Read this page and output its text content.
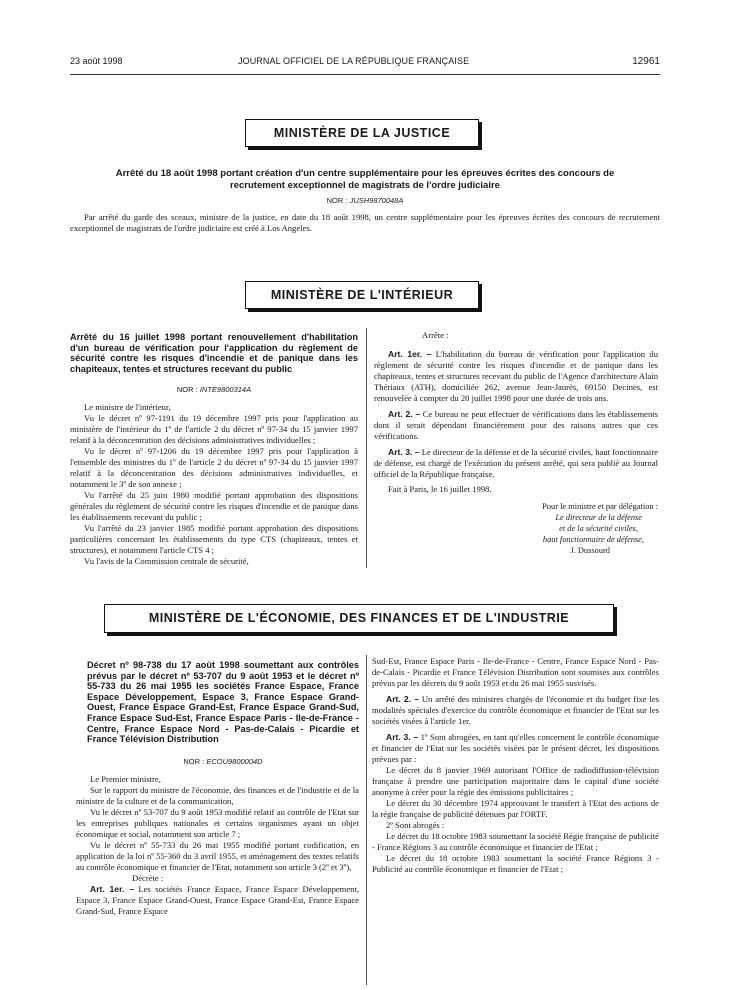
23 août 1998	JOURNAL OFFICIEL DE LA RÉPUBLIQUE FRANÇAISE	12961
MINISTÈRE DE LA JUSTICE
Arrêté du 18 août 1998 portant création d'un centre supplémentaire pour les épreuves écrites des concours de recrutement exceptionnel de magistrats de l'ordre judiciaire
NOR : JUSH9870048A

Par arrêté du garde des sceaux, ministre de la justice, en date du 18 août 1998, un centre supplémentaire pour les épreuves écrites des concours de recrutement exceptionnel de magistrats de l'ordre judiciaire est créé à Los Angeles.

MINISTÈRE DE L'INTÉRIEUR
Arrêté du 16 juillet 1998 portant renouvellement d'habilitation d'un bureau de vérification pour l'application du règlement de sécurité contre les risques d'incendie et de panique dans les chapiteaux, tentes et structures recevant du public
NOR : INTE9800314A

Le ministre de l'intérieur,

Vu le décret nº 97-1191 du 19 décembre 1997 pris pour l'application au ministère de l'intérieur du 1º de l'article 2 du décret nº 97-34 du 15 janvier 1997 relatif à la déconcentration des décisions administratives individuelles ;

Vu le décret nº 97-1206 du 19 décembre 1997 pris pour l'application à l'ensemble des ministres du 1º de l'article 2 du décret nº 97-34 du 15 janvier 1997 relatif à la déconcentration des décisions administratives individuelles, et notamment le 3º de son annexe ;

Vu l'arrêté du 25 juin 1980 modifié portant approbation des dispositions générales du règlement de sécurité contre les risques d'incendie et de panique dans les établissements recevant du public ;

Vu l'arrêté du 23 janvier 1985 modifié portant approbation des dispositions particulières concernant les établissements du type CTS (chapiteaux, tentes et structures), et notamment l'article CTS 4 ;

Vu l'avis de la Commission centrale de sécurité,

Arrête :

Art. 1er. – L'habilitation du bureau de vérification pour l'application du règlement de sécurité contre les risques d'incendie et de panique dans les chapiteaux, tentes et structures recevant du public de l'Agence d'architecture Alain Thériaux (ATH), domiciliée 262, avenue Jean-Jaurès, 69150 Decines, est renouvelée à compter du 20 juillet 1998 pour une durée de trois ans.

Art. 2. – Ce bureau ne peut effectuer de vérifications dans les établissements dont il serait dépendant financièrement pour des raisons autres que ces vérifications.

Art. 3. – Le directeur de la défense et de la sécurité civiles, haut fonctionnaire de défense, est chargé de l'exécution du présent arrêté, qui sera publié au Journal officiel de la République française.

Fait à Paris, le 16 juillet 1998.

Pour le ministre et par délégation :
Le directeur de la défense
et de la sécurité civiles,
haut fonctionnaire de défense,
J. Dussourd
MINISTÈRE DE L'ÉCONOMIE, DES FINANCES ET DE L'INDUSTRIE
Décret nº 98-738 du 17 août 1998 soumettant aux contrôles prévus par le décret nº 53-707 du 9 août 1953 et le décret nº 55-733 du 26 mai 1955 les sociétés France Espace, France Espace Développement, Espace 3, France Espace Grand-Ouest, France Espace Grand-Est, France Espace Grand-Sud, France Espace Sud-Est, France Espace Paris - Ile-de-France - Centre, France Espace Nord - Pas-de-Calais - Picardie et France Télévision Distribution
NOR : ECOU9800004D

Le Premier ministre,

Sur le rapport du ministre de l'économie, des finances et de l'industrie et de la ministre de la culture et de la communication,

Vu le décret nº 53-707 du 9 août 1953 modifié relatif au contrôle de l'Etat sur les entreprises publiques nationales et certains organismes ayant un objet économique et social, notamment son article 7 ;

Vu le décret nº 55-733 du 26 mai 1955 modifié portant codification, en application de la loi nº 55-360 du 3 avril 1955, et aménagement des textes relatifs au contrôle économique et financier de l'Etat, notamment son article 3 (2º et 3º),

Décrète :

Art. 1er. – Les sociétés France Espace, France Espace Développement, Espace 3, France Espace Grand-Ouest, France Espace Grand-Est, France Espace Grand-Sud, France Espace

Sud-Est, France Espace Paris - Ile-de-France - Centre, France Espace Nord - Pas-de-Calais - Picardie et France Télévision Distribution sont soumises aux contrôles prévus par les décrets du 9 août 1953 et du 26 mai 1955 susvisés.

Art. 2. – Un arrêté des ministres chargés de l'économie et du budget fixe les modalités spéciales d'exercice du contrôle économique et financier de l'Etat sur les sociétés visées à l'article 1er.

Art. 3. – 1º Sont abrogées, en tant qu'elles concernent le contrôle économique et financier de l'Etat sur les sociétés visées par le présent décret, les dispositions prévues par :

Le décret du 8 janvier 1969 autorisant l'Office de radiodiffusion-télévision française à prendre une participation majoritaire dans le capital d'une société anonyme à créer pour la régie des émissions publicitaires ;

Le décret du 30 décembre 1974 approuvant le transfert à l'Etat des actions de la régie française de publicité détenues par l'ORTF.

2º Sont abrogés :

Le décret du 18 octobre 1983 soumettant la société Régie française de publicité - France Régions 3 au contrôle économique et financier de l'Etat ;

Le décret du 18 octobre 1983 soumettant la société France Régions 3 - Publicité au contrôle économique et financier de l'Etat ;
